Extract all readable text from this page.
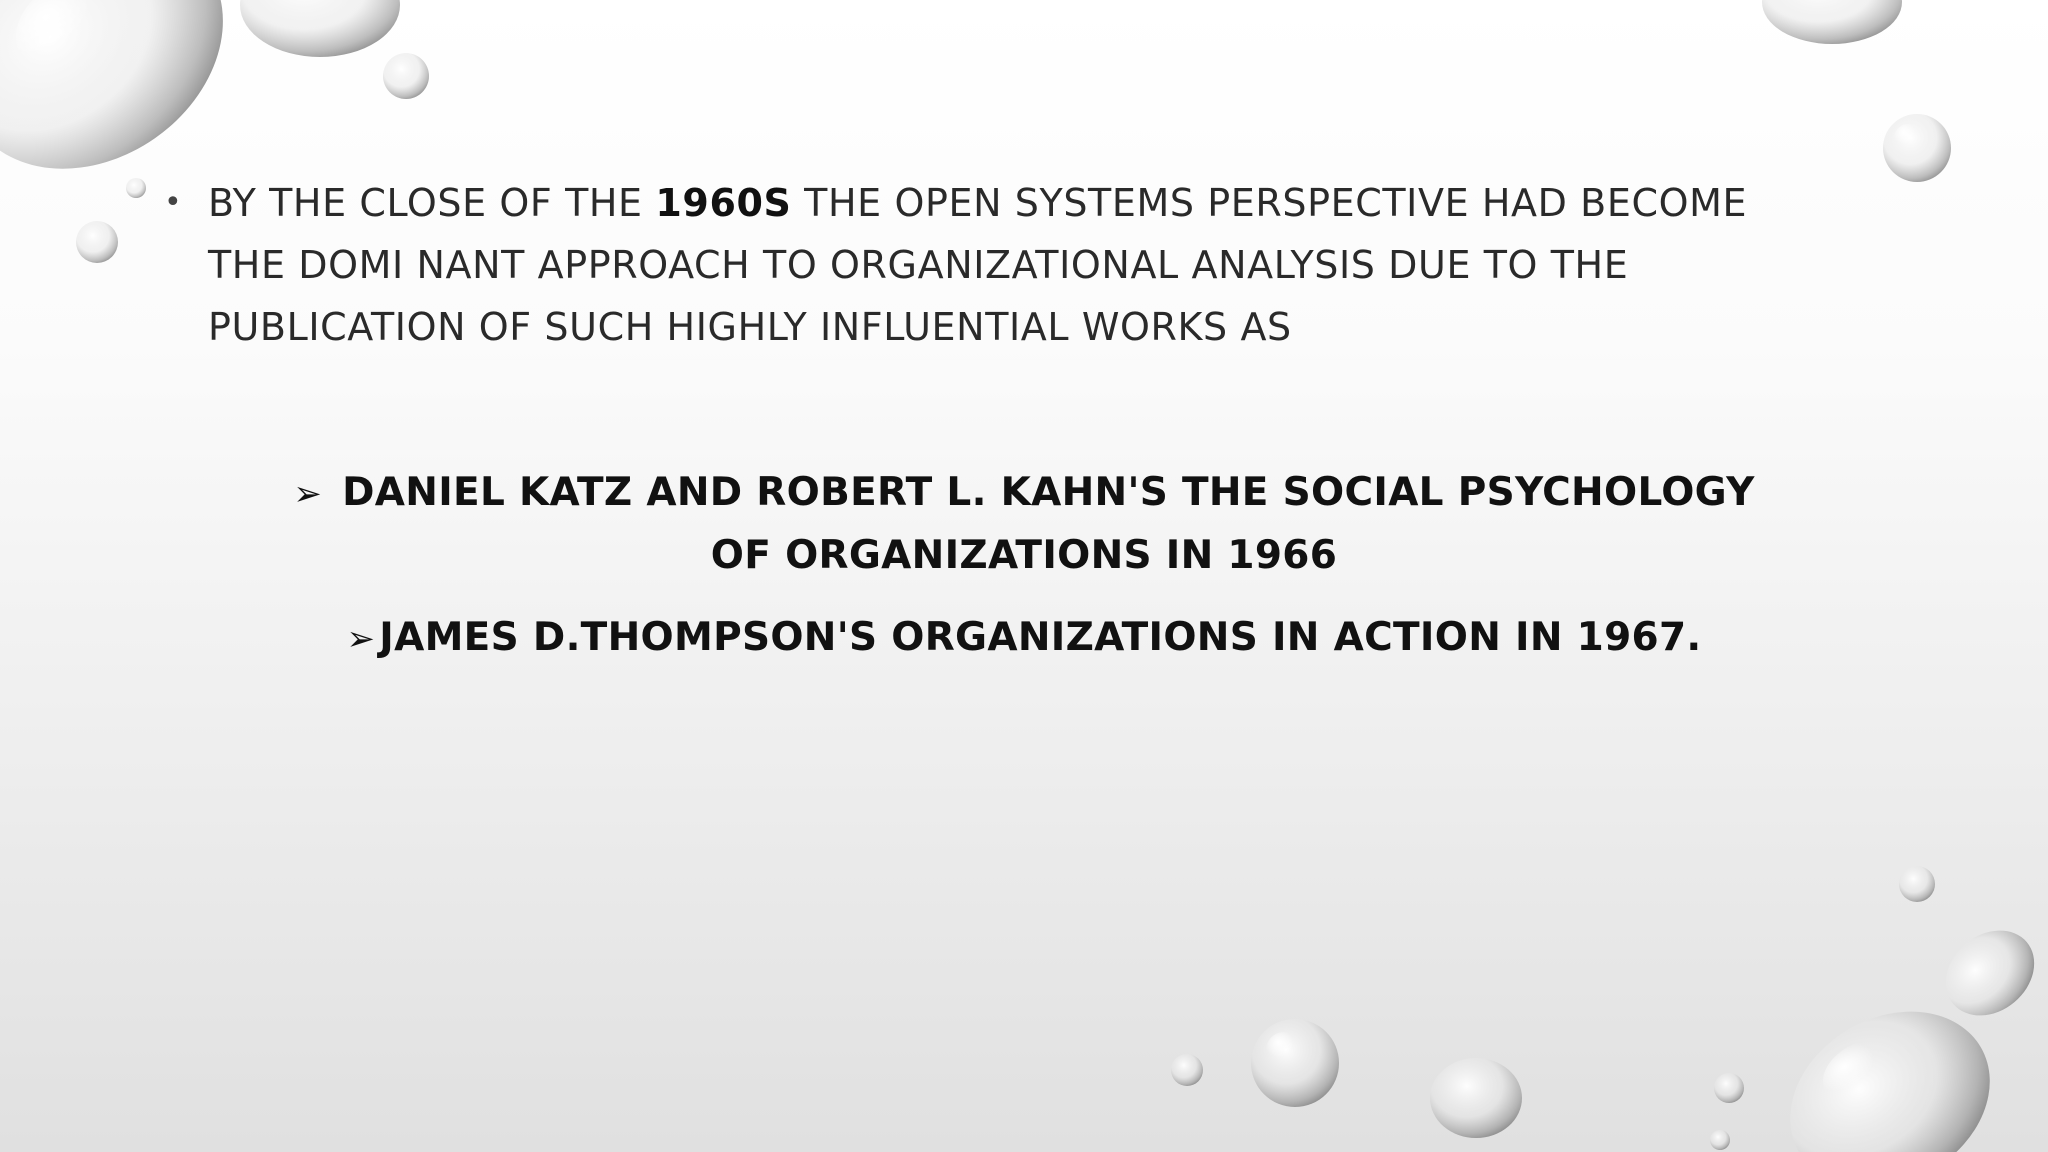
• BY THE CLOSE OF THE 1960S THE OPEN SYSTEMS PERSPECTIVE HAD BECOME THE DOMI NANT APPROACH TO ORGANIZATIONAL ANALYSIS DUE TO THE PUBLICATION OF SUCH HIGHLY INFLUENTIAL WORKS AS
➢ DANIEL KATZ AND ROBERT L. KAHN'S THE SOCIAL PSYCHOLOGY OF ORGANIZATIONS IN 1966
➢ JAMES D.THOMPSON'S ORGANIZATIONS IN ACTION IN 1967.
